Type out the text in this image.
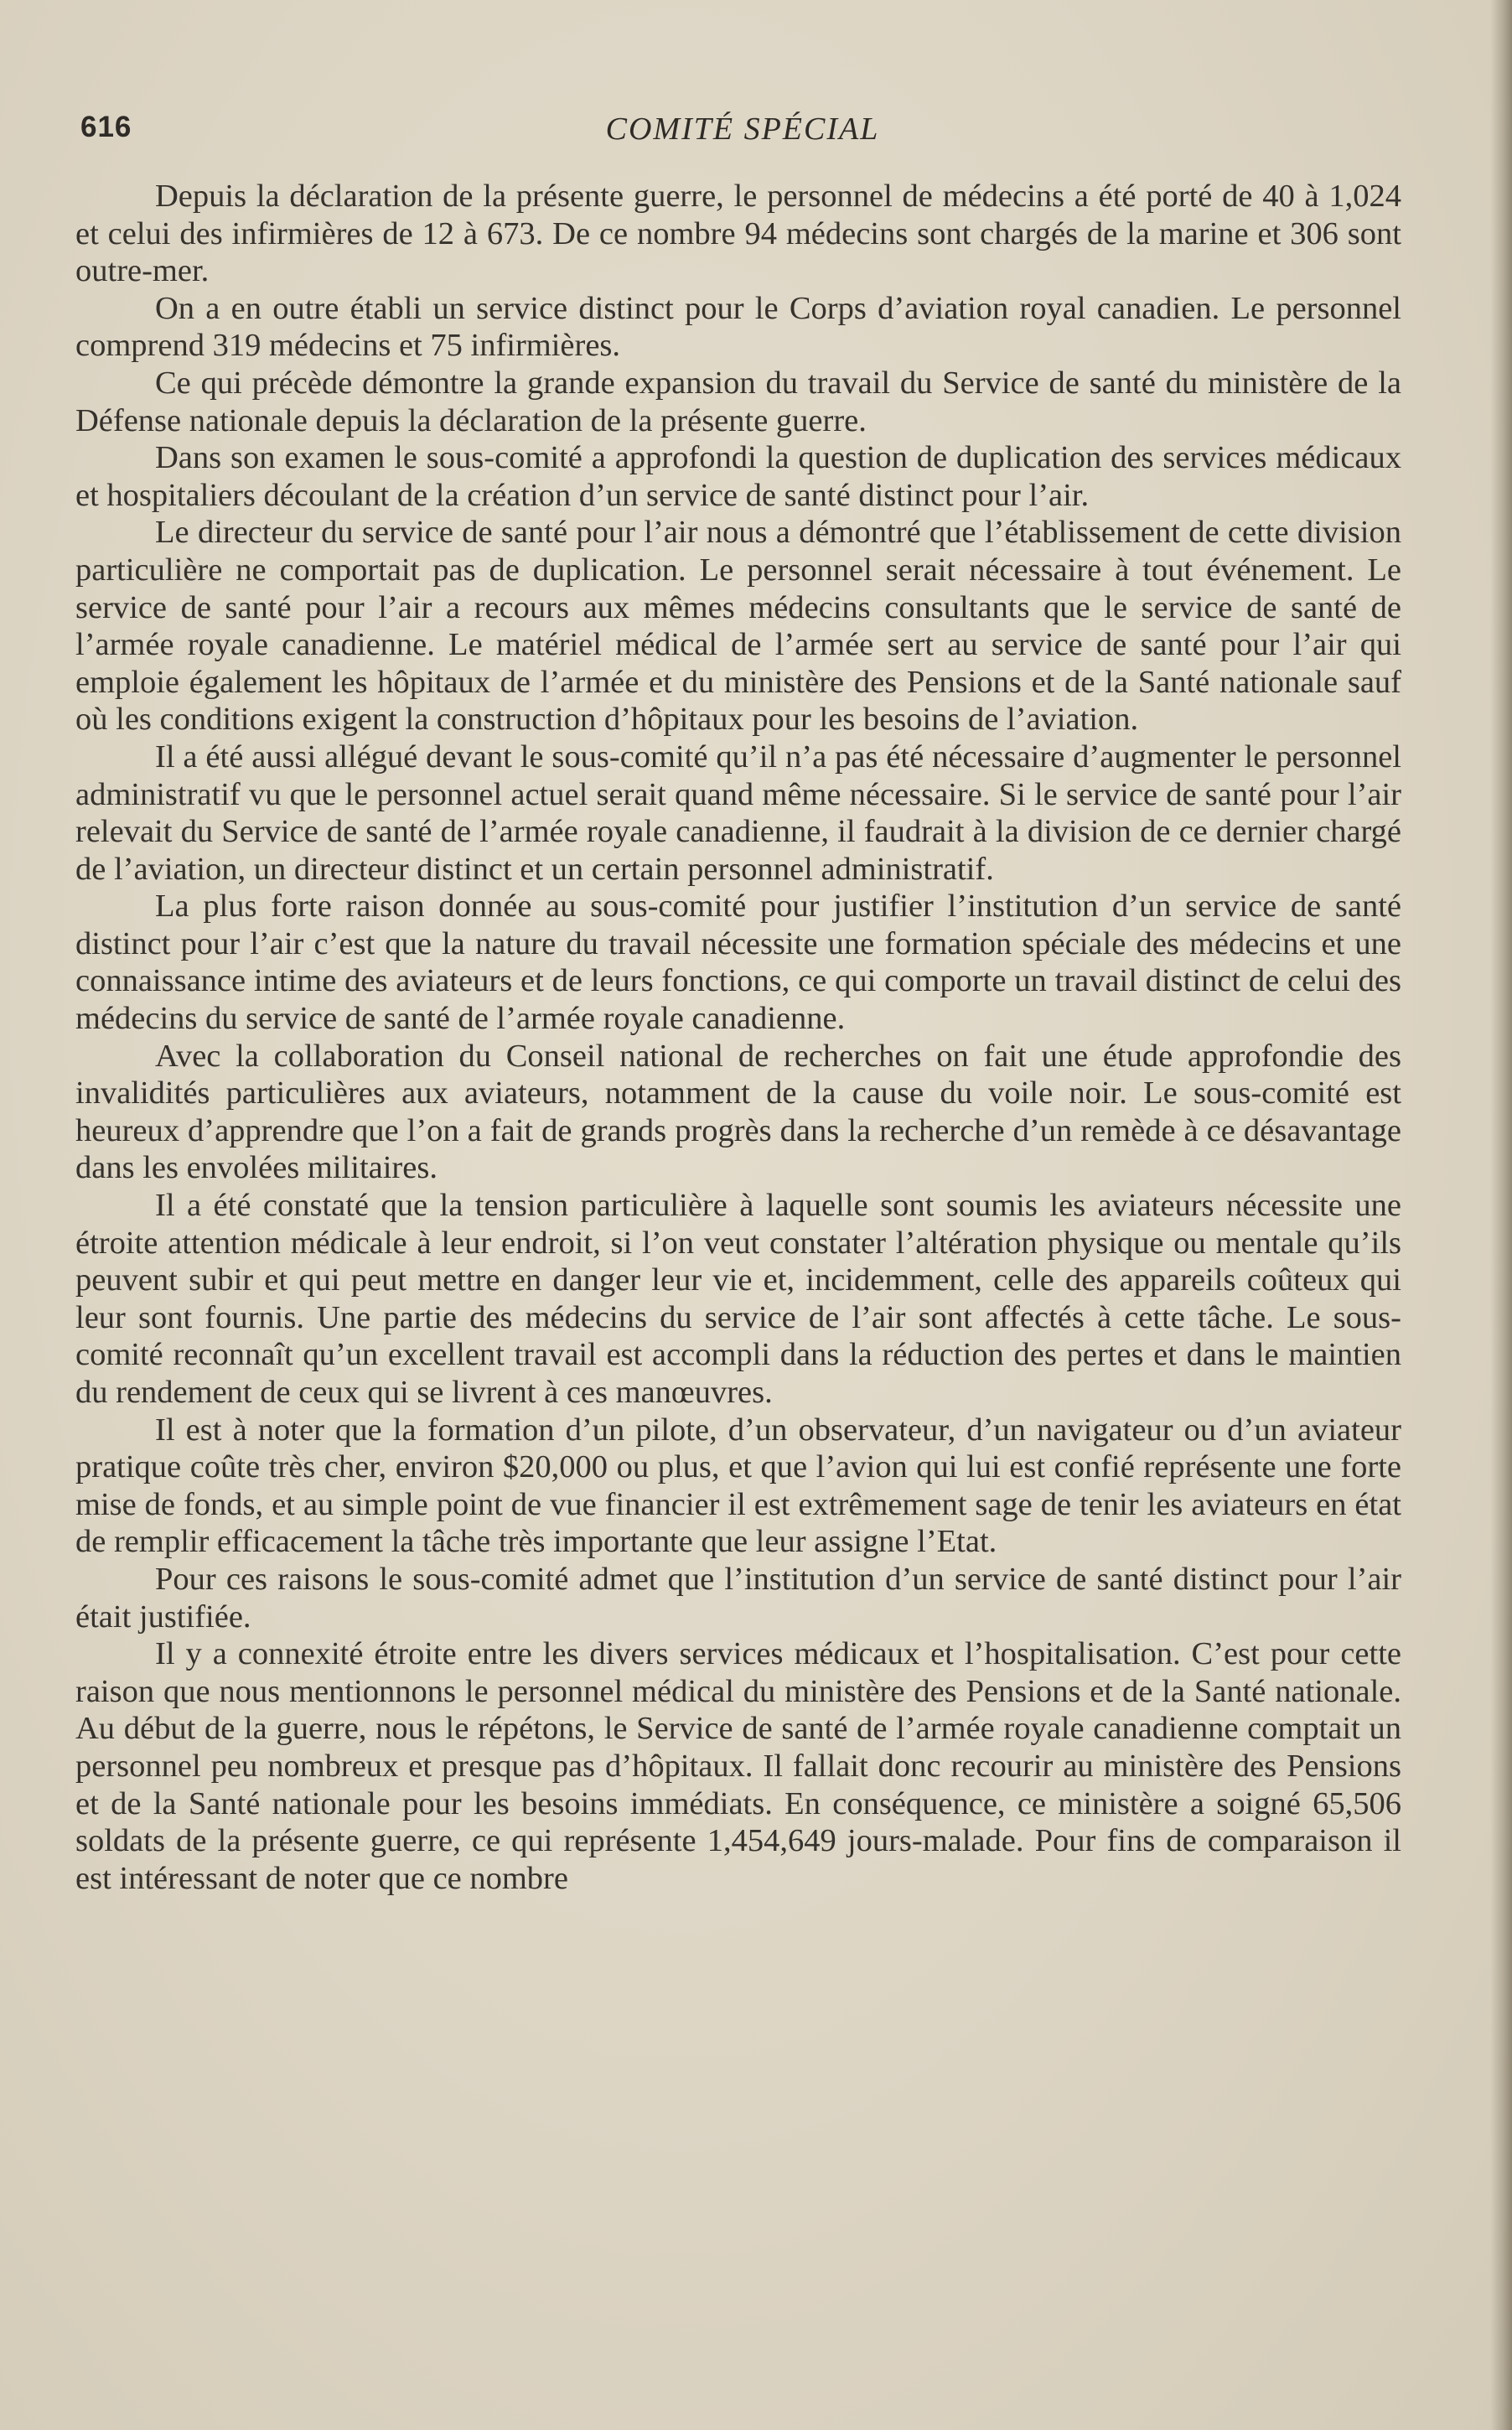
616	COMITÉ SPÉCIAL

Depuis la déclaration de la présente guerre, le personnel de médecins a été porté de 40 à 1,024 et celui des infirmières de 12 à 673. De ce nombre 94 médecins sont chargés de la marine et 306 sont outre-mer.

On a en outre établi un service distinct pour le Corps d’aviation royal canadien. Le personnel comprend 319 médecins et 75 infirmières.

Ce qui précède démontre la grande expansion du travail du Service de santé du ministère de la Défense nationale depuis la déclaration de la présente guerre.

Dans son examen le sous-comité a approfondi la question de duplication des services médicaux et hospitaliers découlant de la création d’un service de santé distinct pour l’air.

Le directeur du service de santé pour l’air nous a démontré que l’établissement de cette division particulière ne comportait pas de duplication. Le personnel serait nécessaire à tout événement. Le service de santé pour l’air a recours aux mêmes médecins consultants que le service de santé de l’armée royale canadienne. Le matériel médical de l’armée sert au service de santé pour l’air qui emploie également les hôpitaux de l’armée et du ministère des Pensions et de la Santé nationale sauf où les conditions exigent la construction d’hôpitaux pour les besoins de l’aviation.

Il a été aussi allégué devant le sous-comité qu’il n’a pas été nécessaire d’augmenter le personnel administratif vu que le personnel actuel serait quand même nécessaire. Si le service de santé pour l’air relevait du Service de santé de l’armée royale canadienne, il faudrait à la division de ce dernier chargé de l’aviation, un directeur distinct et un certain personnel administratif.

La plus forte raison donnée au sous-comité pour justifier l’institution d’un service de santé distinct pour l’air c’est que la nature du travail nécessite une formation spéciale des médecins et une connaissance intime des aviateurs et de leurs fonctions, ce qui comporte un travail distinct de celui des médecins du service de santé de l’armée royale canadienne.

Avec la collaboration du Conseil national de recherches on fait une étude approfondie des invalidités particulières aux aviateurs, notamment de la cause du voile noir. Le sous-comité est heureux d’apprendre que l’on a fait de grands progrès dans la recherche d’un remède à ce désavantage dans les envolées militaires.

Il a été constaté que la tension particulière à laquelle sont soumis les aviateurs nécessite une étroite attention médicale à leur endroit, si l’on veut constater l’altération physique ou mentale qu’ils peuvent subir et qui peut mettre en danger leur vie et, incidemment, celle des appareils coûteux qui leur sont fournis. Une partie des médecins du service de l’air sont affectés à cette tâche. Le sous-comité reconnaît qu’un excellent travail est accompli dans la réduction des pertes et dans le maintien du rendement de ceux qui se livrent à ces manœuvres.

Il est à noter que la formation d’un pilote, d’un observateur, d’un navigateur ou d’un aviateur pratique coûte très cher, environ $20,000 ou plus, et que l’avion qui lui est confié représente une forte mise de fonds, et au simple point de vue financier il est extrêmement sage de tenir les aviateurs en état de remplir efficacement la tâche très importante que leur assigne l’Etat.

Pour ces raisons le sous-comité admet que l’institution d’un service de santé distinct pour l’air était justifiée.

Il y a connexité étroite entre les divers services médicaux et l’hospitalisation. C’est pour cette raison que nous mentionnons le personnel médical du ministère des Pensions et de la Santé nationale. Au début de la guerre, nous le répétons, le Service de santé de l’armée royale canadienne comptait un personnel peu nombreux et presque pas d’hôpitaux. Il fallait donc recourir au ministère des Pensions et de la Santé nationale pour les besoins immédiats. En conséquence, ce ministère a soigné 65,506 soldats de la présente guerre, ce qui représente 1,454,649 jours-malade. Pour fins de comparaison il est intéressant de noter que ce nombre
